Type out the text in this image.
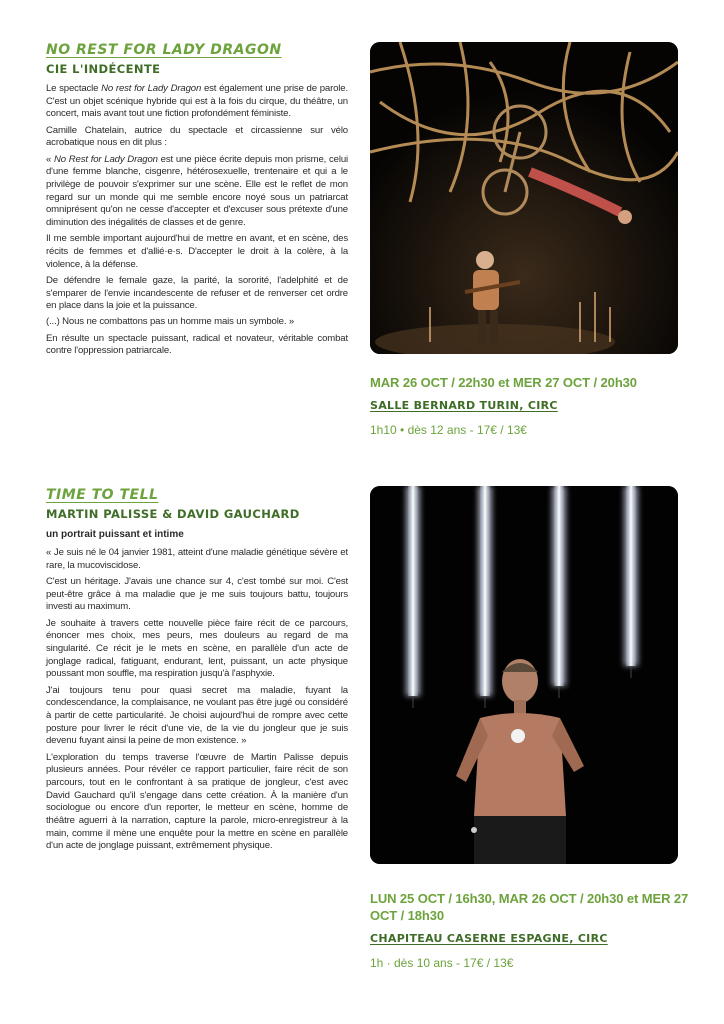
NO REST FOR LADY DRAGON
CIE L'INDÉCENTE

Le spectacle No rest for Lady Dragon est également une prise de parole. C'est un objet scénique hybride qui est à la fois du cirque, du théâtre, un concert, mais avant tout une fiction profondément féministe.

Camille Chatelain, autrice du spectacle et circassienne sur vélo acrobatique nous en dit plus :

« No Rest for Lady Dragon est une pièce écrite depuis mon prisme, celui d'une femme blanche, cisgenre, hétérosexuelle, trentenaire et qui a le privilège de pouvoir s'exprimer sur une scène. Elle est le reflet de mon regard sur un monde qui me semble encore noyé sous un patriarcat omniprésent qu'on ne cesse d'accepter et d'excuser sous prétexte d'une diminution des inégalités de classes et de genre.

Il me semble important aujourd'hui de mettre en avant, et en scène, des récits de femmes et d'allié·e·s. D'accepter le droit à la colère, à la violence, à la défense.

De défendre le female gaze, la parité, la sororité, l'adelphité et de s'emparer de l'envie incandescente de refuser et de renverser cet ordre en place dans la joie et la puissance.

(...) Nous ne combattons pas un homme mais un symbole. »

En résulte un spectacle puissant, radical et novateur, véritable combat contre l'oppression patriarcale.

MAR 26 OCT / 22h30 et MER 27 OCT / 20h30

SALLE BERNARD TURIN, CIRC

1h10 • dès 12 ans - 17€ / 13€

TIME TO TELL
MARTIN PALISSE & DAVID GAUCHARD

un portrait puissant et intime

« Je suis né le 04 janvier 1981, atteint d'une maladie génétique sévère et rare, la mucoviscidose.

C'est un héritage. J'avais une chance sur 4, c'est tombé sur moi. C'est peut-être grâce à ma maladie que je me suis toujours battu, toujours investi au maximum.

Je souhaite à travers cette nouvelle pièce faire récit de ce parcours, énoncer mes choix, mes peurs, mes douleurs au regard de ma singularité. Ce récit je le mets en scène, en parallèle d'un acte de jonglage radical, fatiguant, endurant, lent, puissant, un acte physique poussant mon souffle, ma respiration jusqu'à l'asphyxie.

J'ai toujours tenu pour quasi secret ma maladie, fuyant la condescendance, la complaisance, ne voulant pas être jugé ou considéré à partir de cette particularité. Je choisi aujourd'hui de rompre avec cette posture pour livrer le récit d'une vie, de la vie du jongleur que je suis devenu fuyant ainsi la peine de mon existence. »

L'exploration du temps traverse l'œuvre de Martin Palisse depuis plusieurs années. Pour révéler ce rapport particulier, faire récit de son parcours, tout en le confrontant à sa pratique de jongleur, c'est avec David Gauchard qu'il s'engage dans cette création. À la manière d'un sociologue ou encore d'un reporter, le metteur en scène, homme de théâtre aguerri à la narration, capture la parole, micro-enregistreur à la main, comme il mène une enquête pour la mettre en scène en parallèle d'un acte de jonglage puissant, extrêmement physique.

LUN 25 OCT / 16h30, MAR 26 OCT / 20h30 et MER 27 OCT / 18h30

CHAPITEAU CASERNE ESPAGNE, CIRC

1h · dès 10 ans - 17€ / 13€
